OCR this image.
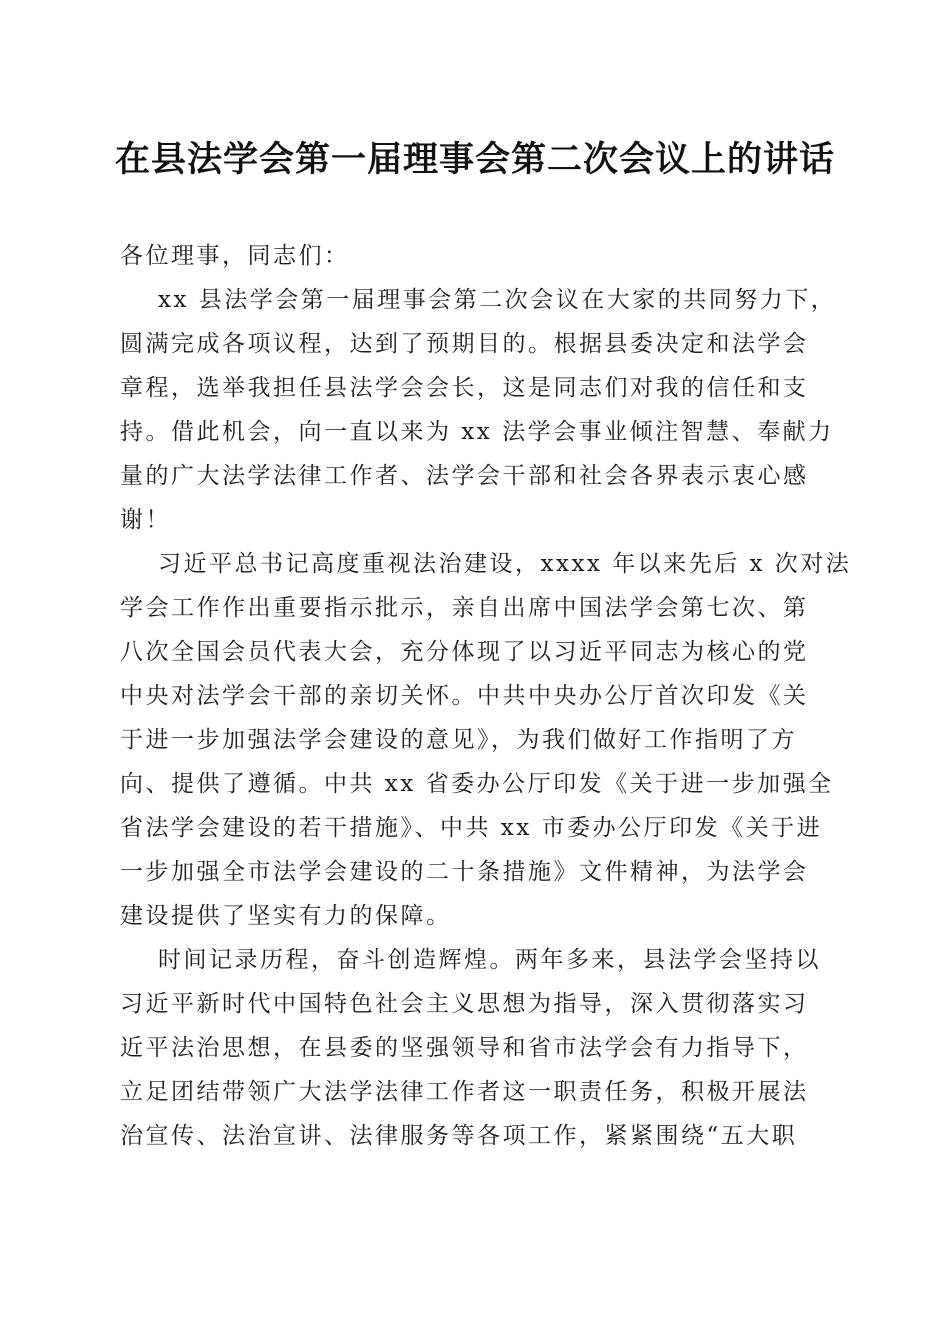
在县法学会第一届理事会第二次会议上的讲话
各位理事，同志们：
xx 县法学会第一届理事会第二次会议在大家的共同努力下，
圆满完成各项议程，达到了预期目的。根据县委决定和法学会
章程，选举我担任县法学会会长，这是同志们对我的信任和支
持。借此机会，向一直以来为 xx 法学会事业倾注智慧、奉献力
量的广大法学法律工作者、法学会干部和社会各界表示衷心感
谢！
习近平总书记高度重视法治建设，xxxx 年以来先后 x 次对法
学会工作作出重要指示批示，亲自出席中国法学会第七次、第
八次全国会员代表大会，充分体现了以习近平同志为核心的党
中央对法学会干部的亲切关怀。中共中央办公厅首次印发《关
于进一步加强法学会建设的意见》，为我们做好工作指明了方
向、提供了遵循。中共 xx 省委办公厅印发《关于进一步加强全
省法学会建设的若干措施》、中共 xx 市委办公厅印发《关于进
一步加强全市法学会建设的二十条措施》文件精神，为法学会
建设提供了坚实有力的保障。
时间记录历程，奋斗创造辉煌。两年多来，县法学会坚持以
习近平新时代中国特色社会主义思想为指导，深入贯彻落实习
近平法治思想，在县委的坚强领导和省市法学会有力指导下，
立足团结带领广大法学法律工作者这一职责任务，积极开展法
治宣传、法治宣讲、法律服务等各项工作，紧紧围绕“五大职
